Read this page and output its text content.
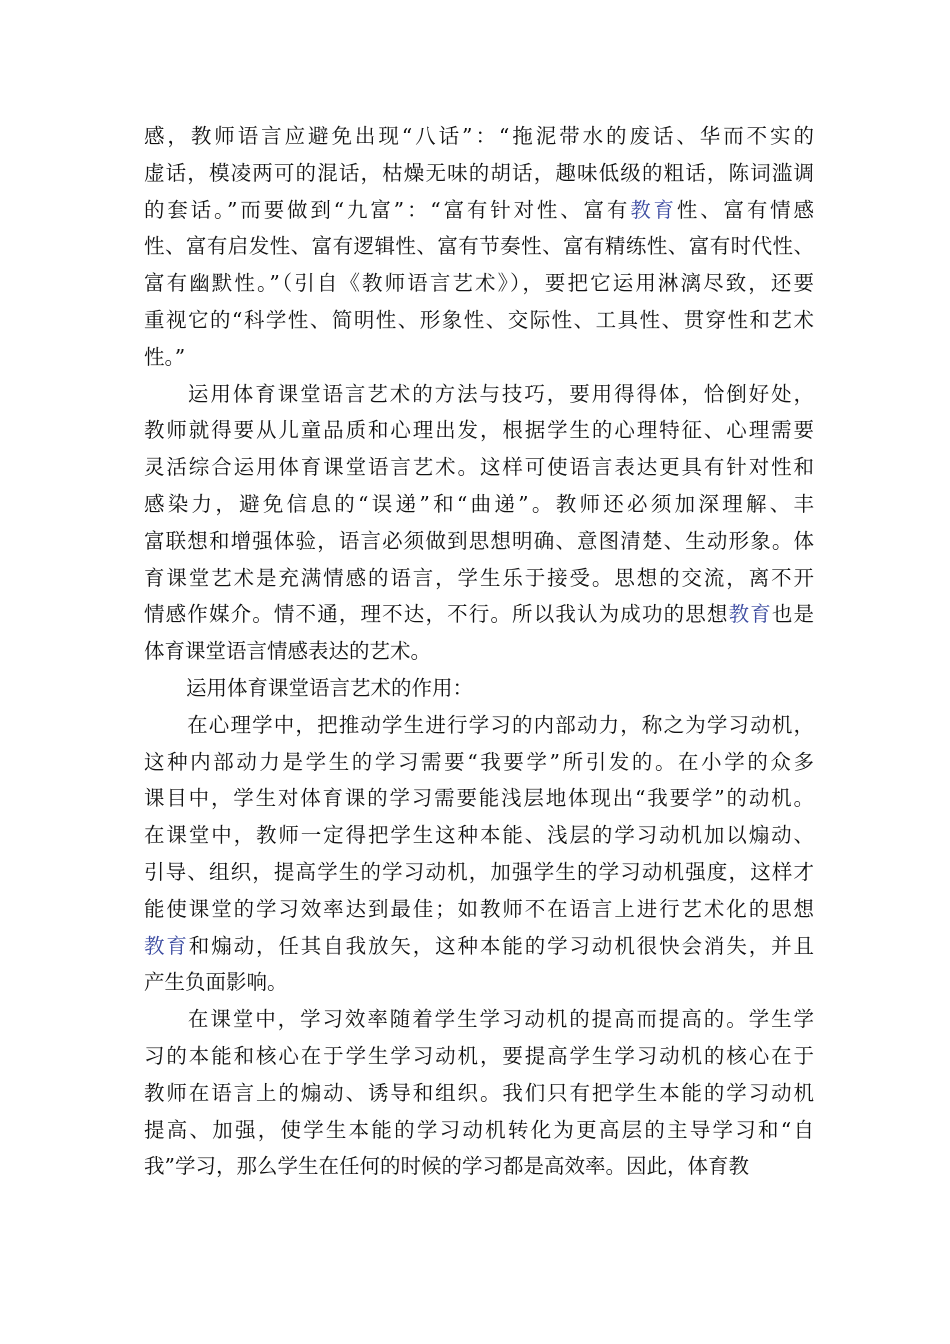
感，教师语言应避免出现“八话”：“拖泥带水的废话、华而不实的
虚话，模凌两可的混话，枯燥无味的胡话，趣味低级的粗话，陈词滥调
的套话。”而要做到“九富”：“富有针对性、富有教育性、富有情感
性、富有启发性、富有逻辑性、富有节奏性、富有精练性、富有时代性、
富有幽默性。”（引自《教师语言艺术》），要把它运用淋漓尽致，还要
重视它的“科学性、简明性、形象性、交际性、工具性、贯穿性和艺术
性。”
运用体育课堂语言艺术的方法与技巧，要用得得体，恰倒好处，
教师就得要从儿童品质和心理出发，根据学生的心理特征、心理需要
灵活综合运用体育课堂语言艺术。这样可使语言表达更具有针对性和
感染力，避免信息的“误递”和“曲递”。教师还必须加深理解、丰
富联想和增强体验，语言必须做到思想明确、意图清楚、生动形象。体
育课堂艺术是充满情感的语言，学生乐于接受。思想的交流，离不开
情感作媒介。情不通，理不达，不行。所以我认为成功的思想教育也是
体育课堂语言情感表达的艺术。
运用体育课堂语言艺术的作用：
在心理学中，把推动学生进行学习的内部动力，称之为学习动机，
这种内部动力是学生的学习需要“我要学”所引发的。在小学的众多
课目中，学生对体育课的学习需要能浅层地体现出“我要学”的动机。
在课堂中，教师一定得把学生这种本能、浅层的学习动机加以煽动、
引导、组织，提高学生的学习动机，加强学生的学习动机强度，这样才
能使课堂的学习效率达到最佳；如教师不在语言上进行艺术化的思想
教育和煽动，任其自我放矢，这种本能的学习动机很快会消失，并且
产生负面影响。
在课堂中，学习效率随着学生学习动机的提高而提高的。学生学
习的本能和核心在于学生学习动机，要提高学生学习动机的核心在于
教师在语言上的煽动、诱导和组织。我们只有把学生本能的学习动机
提高、加强，使学生本能的学习动机转化为更高层的主导学习和“自
我”学习，那么学生在任何的时候的学习都是高效率。因此，体育教
